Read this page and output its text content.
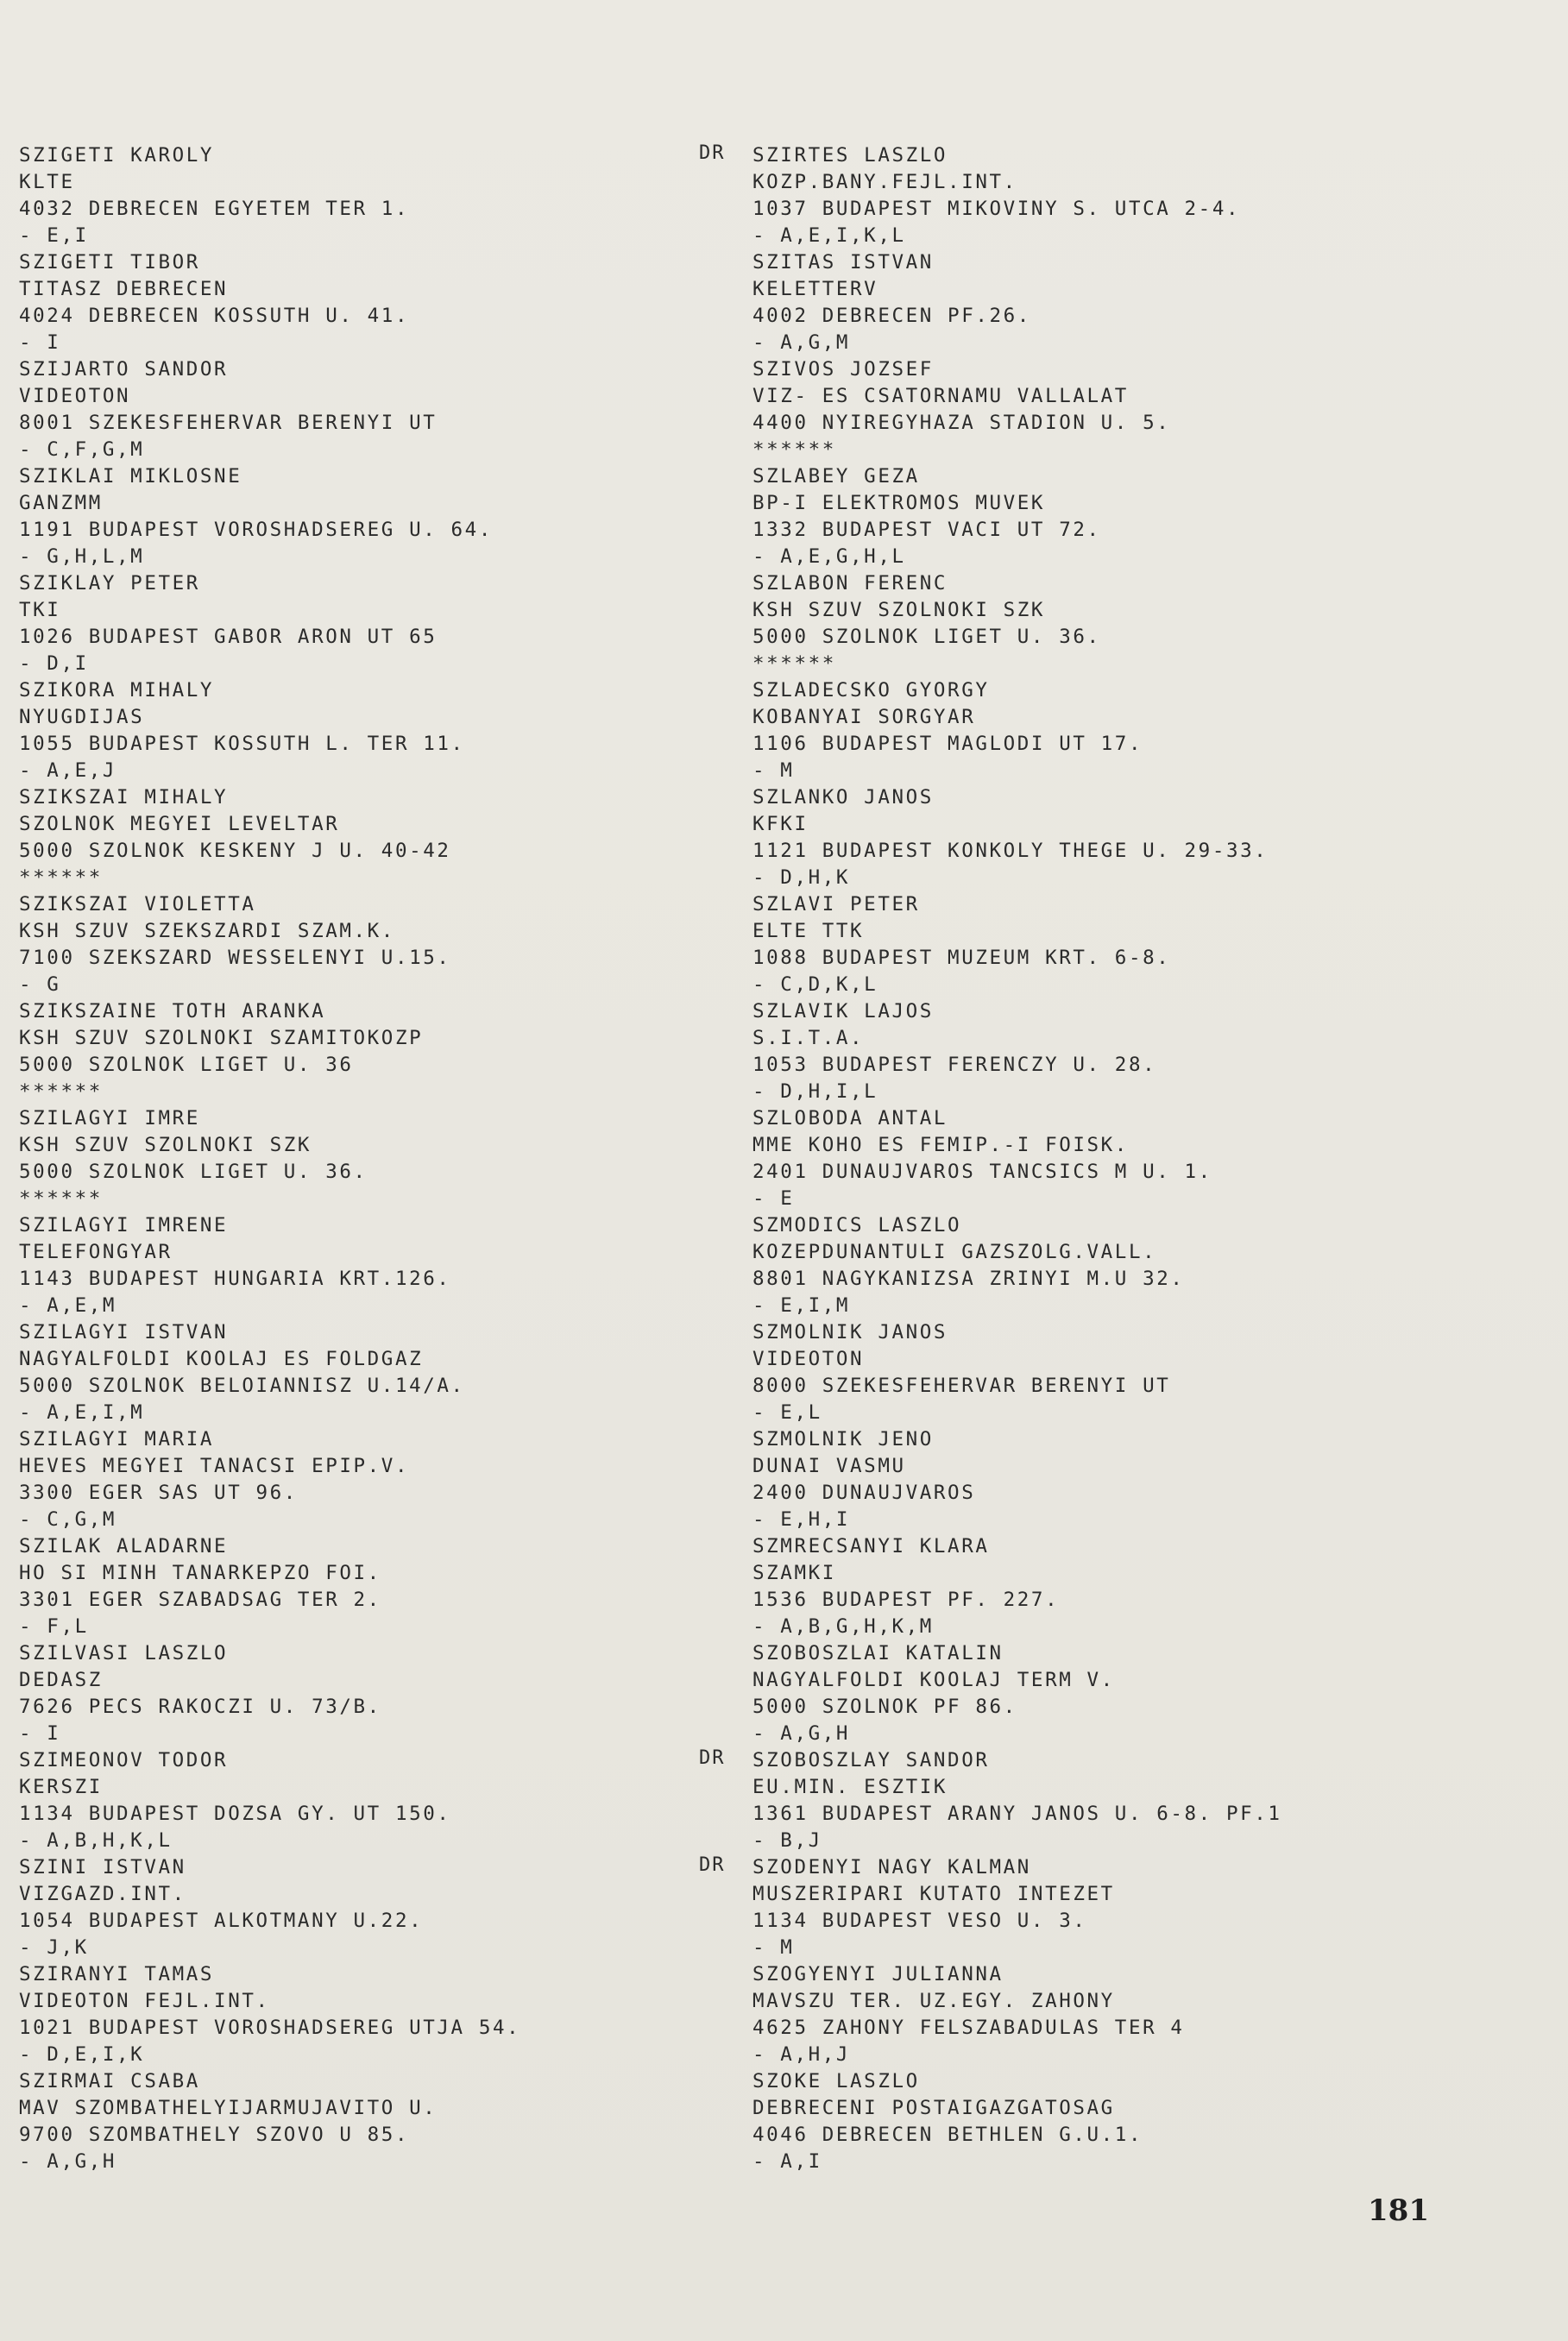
SZIGETI KAROLY
KLTE
4032 DEBRECEN EGYETEM TER 1.
- E,I
SZIGETI TIBOR
TITASZ DEBRECEN
4024 DEBRECEN KOSSUTH U. 41.
- I
SZIJARTO SANDOR
VIDEOTON
8001 SZEKESFEHERVAR BERENYI UT
- C,F,G,M
SZIKLAI MIKLOSNE
GANZMM
1191 BUDAPEST VOROSHADSEREG U. 64.
- G,H,L,M
SZIKLAY PETER
TKI
1026 BUDAPEST GABOR ARON UT 65
- D,I
SZIKORA MIHALY
NYUGDIJAS
1055 BUDAPEST KOSSUTH L. TER 11.
- A,E,J
SZIKSZAI MIHALY
SZOLNOK MEGYEI LEVELTAR
5000 SZOLNOK KESKENY J U. 40-42
******
SZIKSZAI VIOLETTA
KSH SZUV SZEKSZARDI SZAM.K.
7100 SZEKSZARD WESSELENYI U.15.
- G
SZIKSZAINE TOTH ARANKA
KSH SZUV SZOLNOKI SZAMITOKOZP
5000 SZOLNOK LIGET U. 36
******
SZILAGYI IMRE
KSH SZUV SZOLNOKI SZK
5000 SZOLNOK LIGET U. 36.
******
SZILAGYI IMRENE
TELEFONGYAR
1143 BUDAPEST HUNGARIA KRT.126.
- A,E,M
SZILAGYI ISTVAN
NAGYALFOLDI KOOLAJ ES FOLDGAZ
5000 SZOLNOK BELOIANNISZ U.14/A.
- A,E,I,M
SZILAGYI MARIA
HEVES MEGYEI TANACSI EPIP.V.
3300 EGER SAS UT 96.
- C,G,M
SZILAK ALADARNE
HO SI MINH TANARKEPZO FOI.
3301 EGER SZABADSAG TER 2.
- F,L
SZILVASI LASZLO
DEDASZ
7626 PECS RAKOCZI U. 73/B.
- I
SZIMEONOV TODOR
KERSZI
1134 BUDAPEST DOZSA GY. UT 150.
- A,B,H,K,L
SZINI ISTVAN
VIZGAZD.INT.
1054 BUDAPEST ALKOTMANY U.22.
- J,K
SZIRANYI TAMAS
VIDEOTON FEJL.INT.
1021 BUDAPEST VOROSHADSEREG UTJA 54.
- D,E,I,K
SZIRMAI CSABA
MAV SZOMBATHELYIJARMUJAVITO U.
9700 SZOMBATHELY SZOVO U 85.
- A,G,H
DR SZIRTES LASZLO
KOZP.BANY.FEJL.INT.
1037 BUDAPEST MIKOVINY S. UTCA 2-4.
- A,E,I,K,L
SZITAS ISTVAN
KELETTERV
4002 DEBRECEN PF.26.
- A,G,M
SZIVOS JOZSEF
VIZ- ES CSATORNAMU VALLALAT
4400 NYIREGYHAZA STADION U. 5.
******
SZLABEY GEZA
BP-I ELEKTROMOS MUVEK
1332 BUDAPEST VACI UT 72.
- A,E,G,H,L
SZLABON FERENC
KSH SZUV SZOLNOKI SZK
5000 SZOLNOK LIGET U. 36.
******
SZLADECSKO GYORGY
KOBANYAI SORGYAR
1106 BUDAPEST MAGLODI UT 17.
- M
SZLANKO JANOS
KFKI
1121 BUDAPEST KONKOLY THEGE U. 29-33.
- D,H,K
SZLAVI PETER
ELTE TTK
1088 BUDAPEST MUZEUM KRT. 6-8.
- C,D,K,L
SZLAVIK LAJOS
S.I.T.A.
1053 BUDAPEST FERENCZY U. 28.
- D,H,I,L
SZLOBODA ANTAL
MME KOHO ES FEMIP.-I FOISK.
2401 DUNAUJVAROS TANCSICS M U. 1.
- E
SZMODICS LASZLO
KOZEPDUNANTULI GAZSZOLG.VALL.
8801 NAGYKANIZSA ZRINYI M.U 32.
- E,I,M
SZMOLNIK JANOS
VIDEOTON
8000 SZEKESFEHERVAR BERENYI UT
- E,L
SZMOLNIK JENO
DUNAI VASMU
2400 DUNAUJVAROS
- E,H,I
SZMRECSANYI KLARA
SZAMKI
1536 BUDAPEST PF. 227.
- A,B,G,H,K,M
SZOBOSZLAI KATALIN
NAGYALFOLDI KOOLAJ TERM V.
5000 SZOLNOK PF 86.
- A,G,H
DR SZOBOSZLAY SANDOR
EU.MIN. ESZTIK
1361 BUDAPEST ARANY JANOS U. 6-8. PF.1
- B,J
DR SZODENYI NAGY KALMAN
MUSZERIPARI KUTATO INTEZET
1134 BUDAPEST VESO U. 3.
- M
SZOGYENYI JULIANNA
MAVSZU TER. UZ.EGY. ZAHONY
4625 ZAHONY FELSZABADULAS TER 4
- A,H,J
SZOKE LASZLO
DEBRECENI POSTAIGAZGATOSAG
4046 DEBRECEN BETHLEN G.U.1.
- A,I
181
